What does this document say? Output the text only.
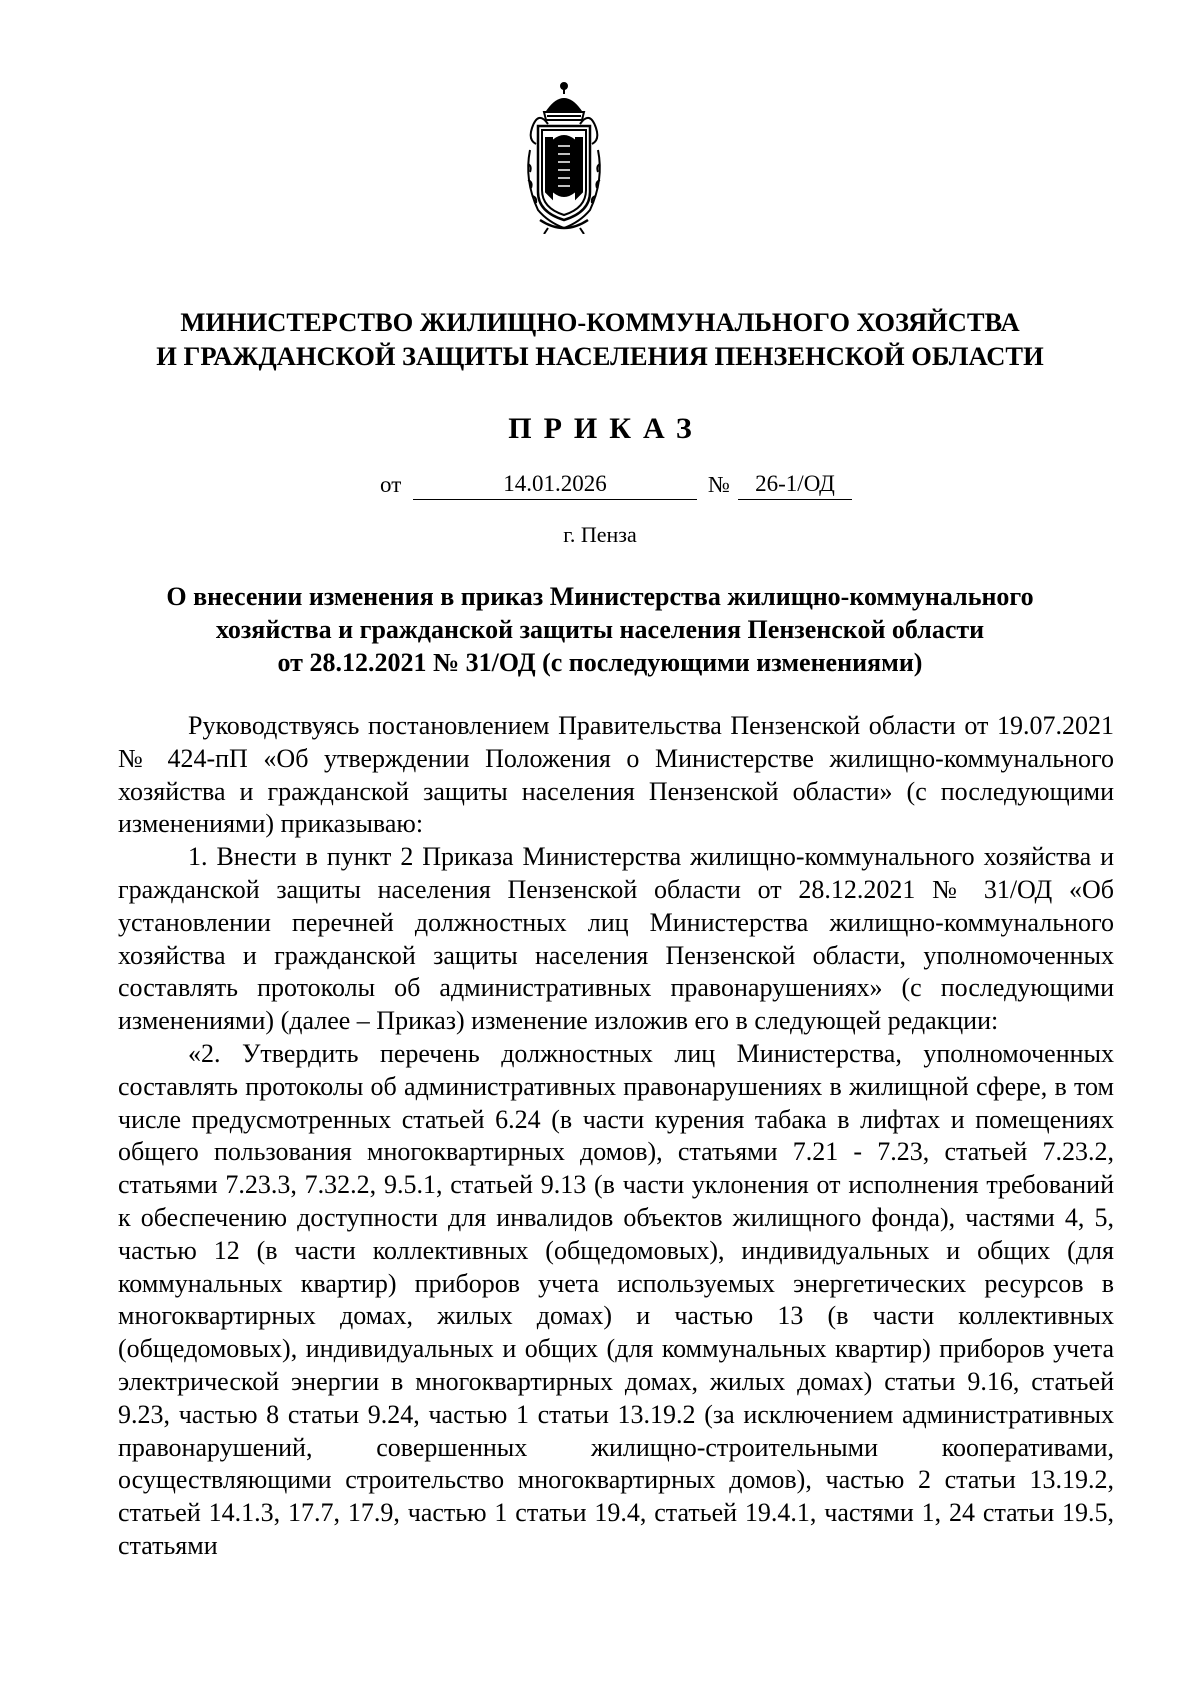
МИНИСТЕРСТВО ЖИЛИЩНО-КОММУНАЛЬНОГО ХОЗЯЙСТВА
И ГРАЖДАНСКОЙ ЗАЩИТЫ НАСЕЛЕНИЯ ПЕНЗЕНСКОЙ ОБЛАСТИ
ПРИКАЗ
от	14.01.2026	№	26-1/ОД
г. Пенза
О внесении изменения в приказ Министерства жилищно-коммунального
хозяйства и гражданской защиты населения Пензенской области
от 28.12.2021 № 31/ОД (с последующими изменениями)

Руководствуясь постановлением Правительства Пензенской области от 19.07.2021 № 424-пП «Об утверждении Положения о Министерстве жилищно-коммунального хозяйства и гражданской защиты населения Пензенской области» (с последующими изменениями) приказываю:

1. Внести в пункт 2 Приказа Министерства жилищно-коммунального хозяйства и гражданской защиты населения Пензенской области от 28.12.2021 № 31/ОД «Об установлении перечней должностных лиц Министерства жилищно-коммунального хозяйства и гражданской защиты населения Пензенской области, уполномоченных составлять протоколы об административных правонарушениях» (с последующими изменениями) (далее – Приказ) изменение изложив его в следующей редакции:

«2. Утвердить перечень должностных лиц Министерства, уполномоченных составлять протоколы об административных правонарушениях в жилищной сфере, в том числе предусмотренных статьей 6.24 (в части курения табака в лифтах и помещениях общего пользования многоквартирных домов), статьями 7.21 - 7.23, статьей 7.23.2, статьями 7.23.3, 7.32.2, 9.5.1, статьей 9.13 (в части уклонения от исполнения требований к обеспечению доступности для инвалидов объектов жилищного фонда), частями 4, 5, частью 12 (в части коллективных (общедомовых), индивидуальных и общих (для коммунальных квартир) приборов учета используемых энергетических ресурсов в многоквартирных домах, жилых домах) и частью 13 (в части коллективных (общедомовых), индивидуальных и общих (для коммунальных квартир) приборов учета электрической энергии в многоквартирных домах, жилых домах) статьи 9.16, статьей 9.23, частью 8 статьи 9.24, частью 1 статьи 13.19.2 (за исключением административных правонарушений, совершенных жилищно-строительными кооперативами, осуществляющими строительство многоквартирных домов), частью 2 статьи 13.19.2, статьей 14.1.3, 17.7, 17.9, частью 1 статьи 19.4, статьей 19.4.1, частями 1, 24 статьи 19.5, статьями
